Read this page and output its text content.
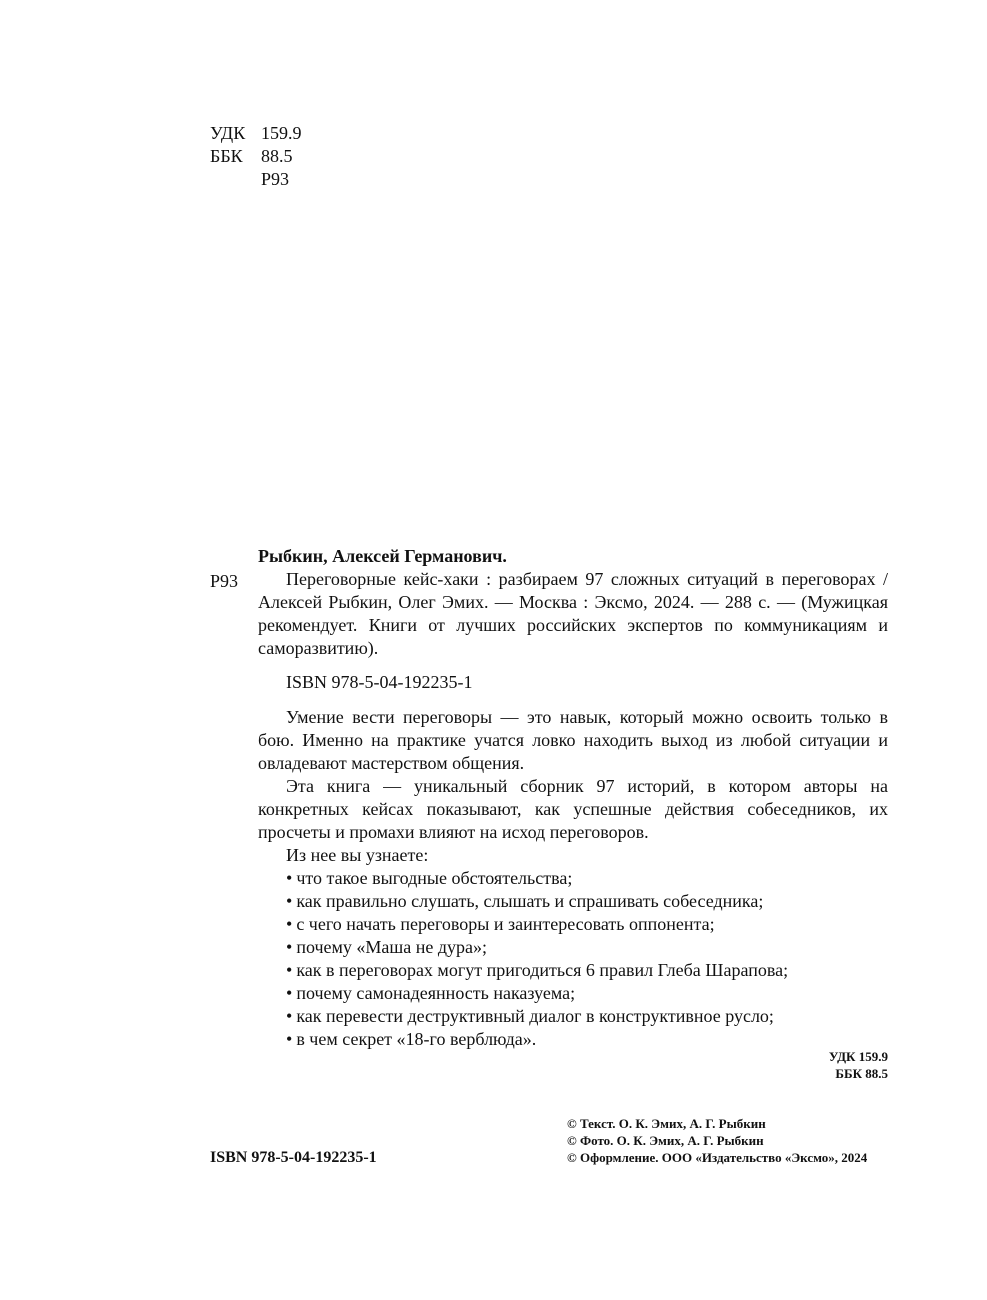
УДК 159.9
ББК 88.5
Р93
Рыбкин, Алексей Германович.
Р93	Переговорные кейс-хаки : разбираем 97 сложных ситуаций в переговорах / Алексей Рыбкин, Олег Эмих. — Москва : Эксмо, 2024. — 288 с. — (Мужицкая рекомендует. Книги от лучших российских экспертов по коммуникациям и саморазвитию).

ISBN 978-5-04-192235-1

Умение вести переговоры — это навык, который можно освоить только в бою. Именно на практике учатся ловко находить выход из любой ситуации и овладевают мастерством общения.

Эта книга — уникальный сборник 97 историй, в котором авторы на конкретных кейсах показывают, как успешные действия собеседников, их просчеты и промахи влияют на исход переговоров.

Из нее вы узнаете:

• что такое выгодные обстоятельства;
• как правильно слушать, слышать и спрашивать собеседника;
• с чего начать переговоры и заинтересовать оппонента;
• почему «Маша не дура»;
• как в переговорах могут пригодиться 6 правил Глеба Шарапова;
• почему самонадеянность наказуема;
• как перевести деструктивный диалог в конструктивное русло;
• в чем секрет «18-го верблюда».
УДК 159.9
ББК 88.5
ISBN 978-5-04-192235-1
© Текст. О. К. Эмих, А. Г. Рыбкин
© Фото. О. К. Эмих, А. Г. Рыбкин
© Оформление. ООО «Издательство «Эксмо», 2024
